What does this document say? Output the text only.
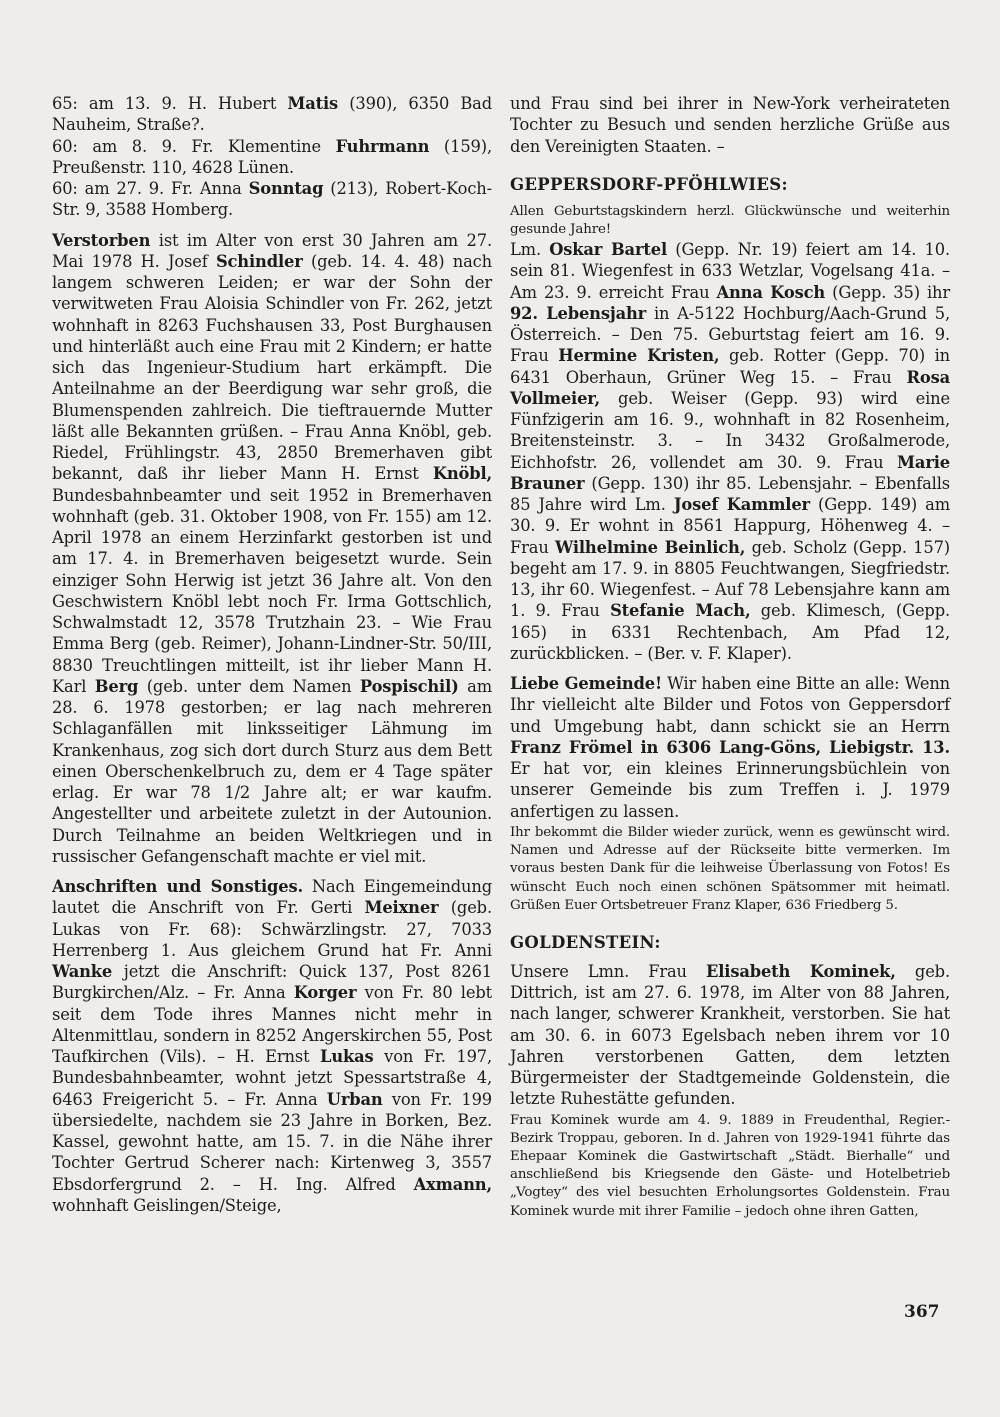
65: am 13. 9. H. Hubert Matis (390), 6350 Bad Nauheim, Straße?.

60: am 8. 9. Fr. Klementine Fuhrmann (159), Preußenstr. 110, 4628 Lünen.

60: am 27. 9. Fr. Anna Sonntag (213), Robert-Koch-Str. 9, 3588 Homberg.

Verstorben ist im Alter von erst 30 Jahren am 27. Mai 1978 H. Josef Schindler (geb. 14. 4. 48) nach langem schweren Leiden; er war der Sohn der verwitweten Frau Aloisia Schindler von Fr. 262, jetzt wohnhaft in 8263 Fuchshausen 33, Post Burghausen und hinterläßt auch eine Frau mit 2 Kindern; er hatte sich das Ingenieur-Studium hart erkämpft. Die Anteilnahme an der Beerdigung war sehr groß, die Blumenspenden zahlreich. Die tieftrauernde Mutter läßt alle Bekannten grüßen. – Frau Anna Knöbl, geb. Riedel, Frühlingstr. 43, 2850 Bremerhaven gibt bekannt, daß ihr lieber Mann H. Ernst Knöbl, Bundesbahnbeamter und seit 1952 in Bremerhaven wohnhaft (geb. 31. Oktober 1908, von Fr. 155) am 12. April 1978 an einem Herzinfarkt gestorben ist und am 17. 4. in Bremerhaven beigesetzt wurde. Sein einziger Sohn Herwig ist jetzt 36 Jahre alt. Von den Geschwistern Knöbl lebt noch Fr. Irma Gottschlich, Schwalmstadt 12, 3578 Trutzhain 23. – Wie Frau Emma Berg (geb. Reimer), Johann-Lindner-Str. 50/III, 8830 Treuchtlingen mitteilt, ist ihr lieber Mann H. Karl Berg (geb. unter dem Namen Pospischil) am 28. 6. 1978 gestorben; er lag nach mehreren Schlaganfällen mit linksseitiger Lähmung im Krankenhaus, zog sich dort durch Sturz aus dem Bett einen Oberschenkelbruch zu, dem er 4 Tage später erlag. Er war 78 1/2 Jahre alt; er war kaufm. Angestellter und arbeitete zuletzt in der Autounion. Durch Teilnahme an beiden Weltkriegen und in russischer Gefangenschaft machte er viel mit.

Anschriften und Sonstiges. Nach Eingemeindung lautet die Anschrift von Fr. Gerti Meixner (geb. Lukas von Fr. 68): Schwärzlingstr. 27, 7033 Herrenberg 1. Aus gleichem Grund hat Fr. Anni Wanke jetzt die Anschrift: Quick 137, Post 8261 Burgkirchen/Alz. – Fr. Anna Korger von Fr. 80 lebt seit dem Tode ihres Mannes nicht mehr in Altenmittlau, sondern in 8252 Angerskirchen 55, Post Taufkirchen (Vils). – H. Ernst Lukas von Fr. 197, Bundesbahnbeamter, wohnt jetzt Spessartstraße 4, 6463 Freigericht 5. – Fr. Anna Urban von Fr. 199 übersiedelte, nachdem sie 23 Jahre in Borken, Bez. Kassel, gewohnt hatte, am 15. 7. in die Nähe ihrer Tochter Gertrud Scherer nach: Kirtenweg 3, 3557 Ebsdorfergrund 2. – H. Ing. Alfred Axmann, wohnhaft Geislingen/Steige,

und Frau sind bei ihrer in New-York verheirateten Tochter zu Besuch und senden herzliche Grüße aus den Vereinigten Staaten. –

GEPPERSDORF-PFÖHLWIES:

Allen Geburtstagskindern herzl. Glückwünsche und weiterhin gesunde Jahre!

Lm. Oskar Bartel (Gepp. Nr. 19) feiert am 14. 10. sein 81. Wiegenfest in 633 Wetzlar, Vogelsang 41a. – Am 23. 9. erreicht Frau Anna Kosch (Gepp. 35) ihr 92. Lebensjahr in A-5122 Hochburg/Aach-Grund 5, Österreich. – Den 75. Geburtstag feiert am 16. 9. Frau Hermine Kristen, geb. Rotter (Gepp. 70) in 6431 Oberhaun, Grüner Weg 15. – Frau Rosa Vollmeier, geb. Weiser (Gepp. 93) wird eine Fünfzigerin am 16. 9., wohnhaft in 82 Rosenheim, Breitensteinstr. 3. – In 3432 Großalmerode, Eichhofstr. 26, vollendet am 30. 9. Frau Marie Brauner (Gepp. 130) ihr 85. Lebensjahr. – Ebenfalls 85 Jahre wird Lm. Josef Kammler (Gepp. 149) am 30. 9. Er wohnt in 8561 Happurg, Höhenweg 4. – Frau Wilhelmine Beinlich, geb. Scholz (Gepp. 157) begeht am 17. 9. in 8805 Feuchtwangen, Siegfriedstr. 13, ihr 60. Wiegenfest. – Auf 78 Lebensjahre kann am 1. 9. Frau Stefanie Mach, geb. Klimesch, (Gepp. 165) in 6331 Rechtenbach, Am Pfad 12, zurückblicken. – (Ber. v. F. Klaper).

Liebe Gemeinde! Wir haben eine Bitte an alle: Wenn Ihr vielleicht alte Bilder und Fotos von Geppersdorf und Umgebung habt, dann schickt sie an Herrn Franz Frömel in 6306 Lang-Göns, Liebigstr. 13. Er hat vor, ein kleines Erinnerungsbüchlein von unserer Gemeinde bis zum Treffen i. J. 1979 anfertigen zu lassen.

Ihr bekommt die Bilder wieder zurück, wenn es gewünscht wird. Namen und Adresse auf der Rückseite bitte vermerken. Im voraus besten Dank für die leihweise Überlassung von Fotos! Es wünscht Euch noch einen schönen Spätsommer mit heimatl. Grüßen Euer Ortsbetreuer Franz Klaper, 636 Friedberg 5.

GOLDENSTEIN:

Unsere Lmn. Frau Elisabeth Kominek, geb. Dittrich, ist am 27. 6. 1978, im Alter von 88 Jahren, nach langer, schwerer Krankheit, verstorben. Sie hat am 30. 6. in 6073 Egelsbach neben ihrem vor 10 Jahren verstorbenen Gatten, dem letzten Bürgermeister der Stadtgemeinde Goldenstein, die letzte Ruhestätte gefunden.

Frau Kominek wurde am 4. 9. 1889 in Freudenthal, Regier.-Bezirk Troppau, geboren. In d. Jahren von 1929-1941 führte das Ehepaar Kominek die Gastwirtschaft „Städt. Bierhalle“ und anschließend bis Kriegsende den Gäste- und Hotelbetrieb „Vogtey“ des viel besuchten Erholungsortes Goldenstein. Frau Kominek wurde mit ihrer Familie – jedoch ohne ihren Gatten,

367
